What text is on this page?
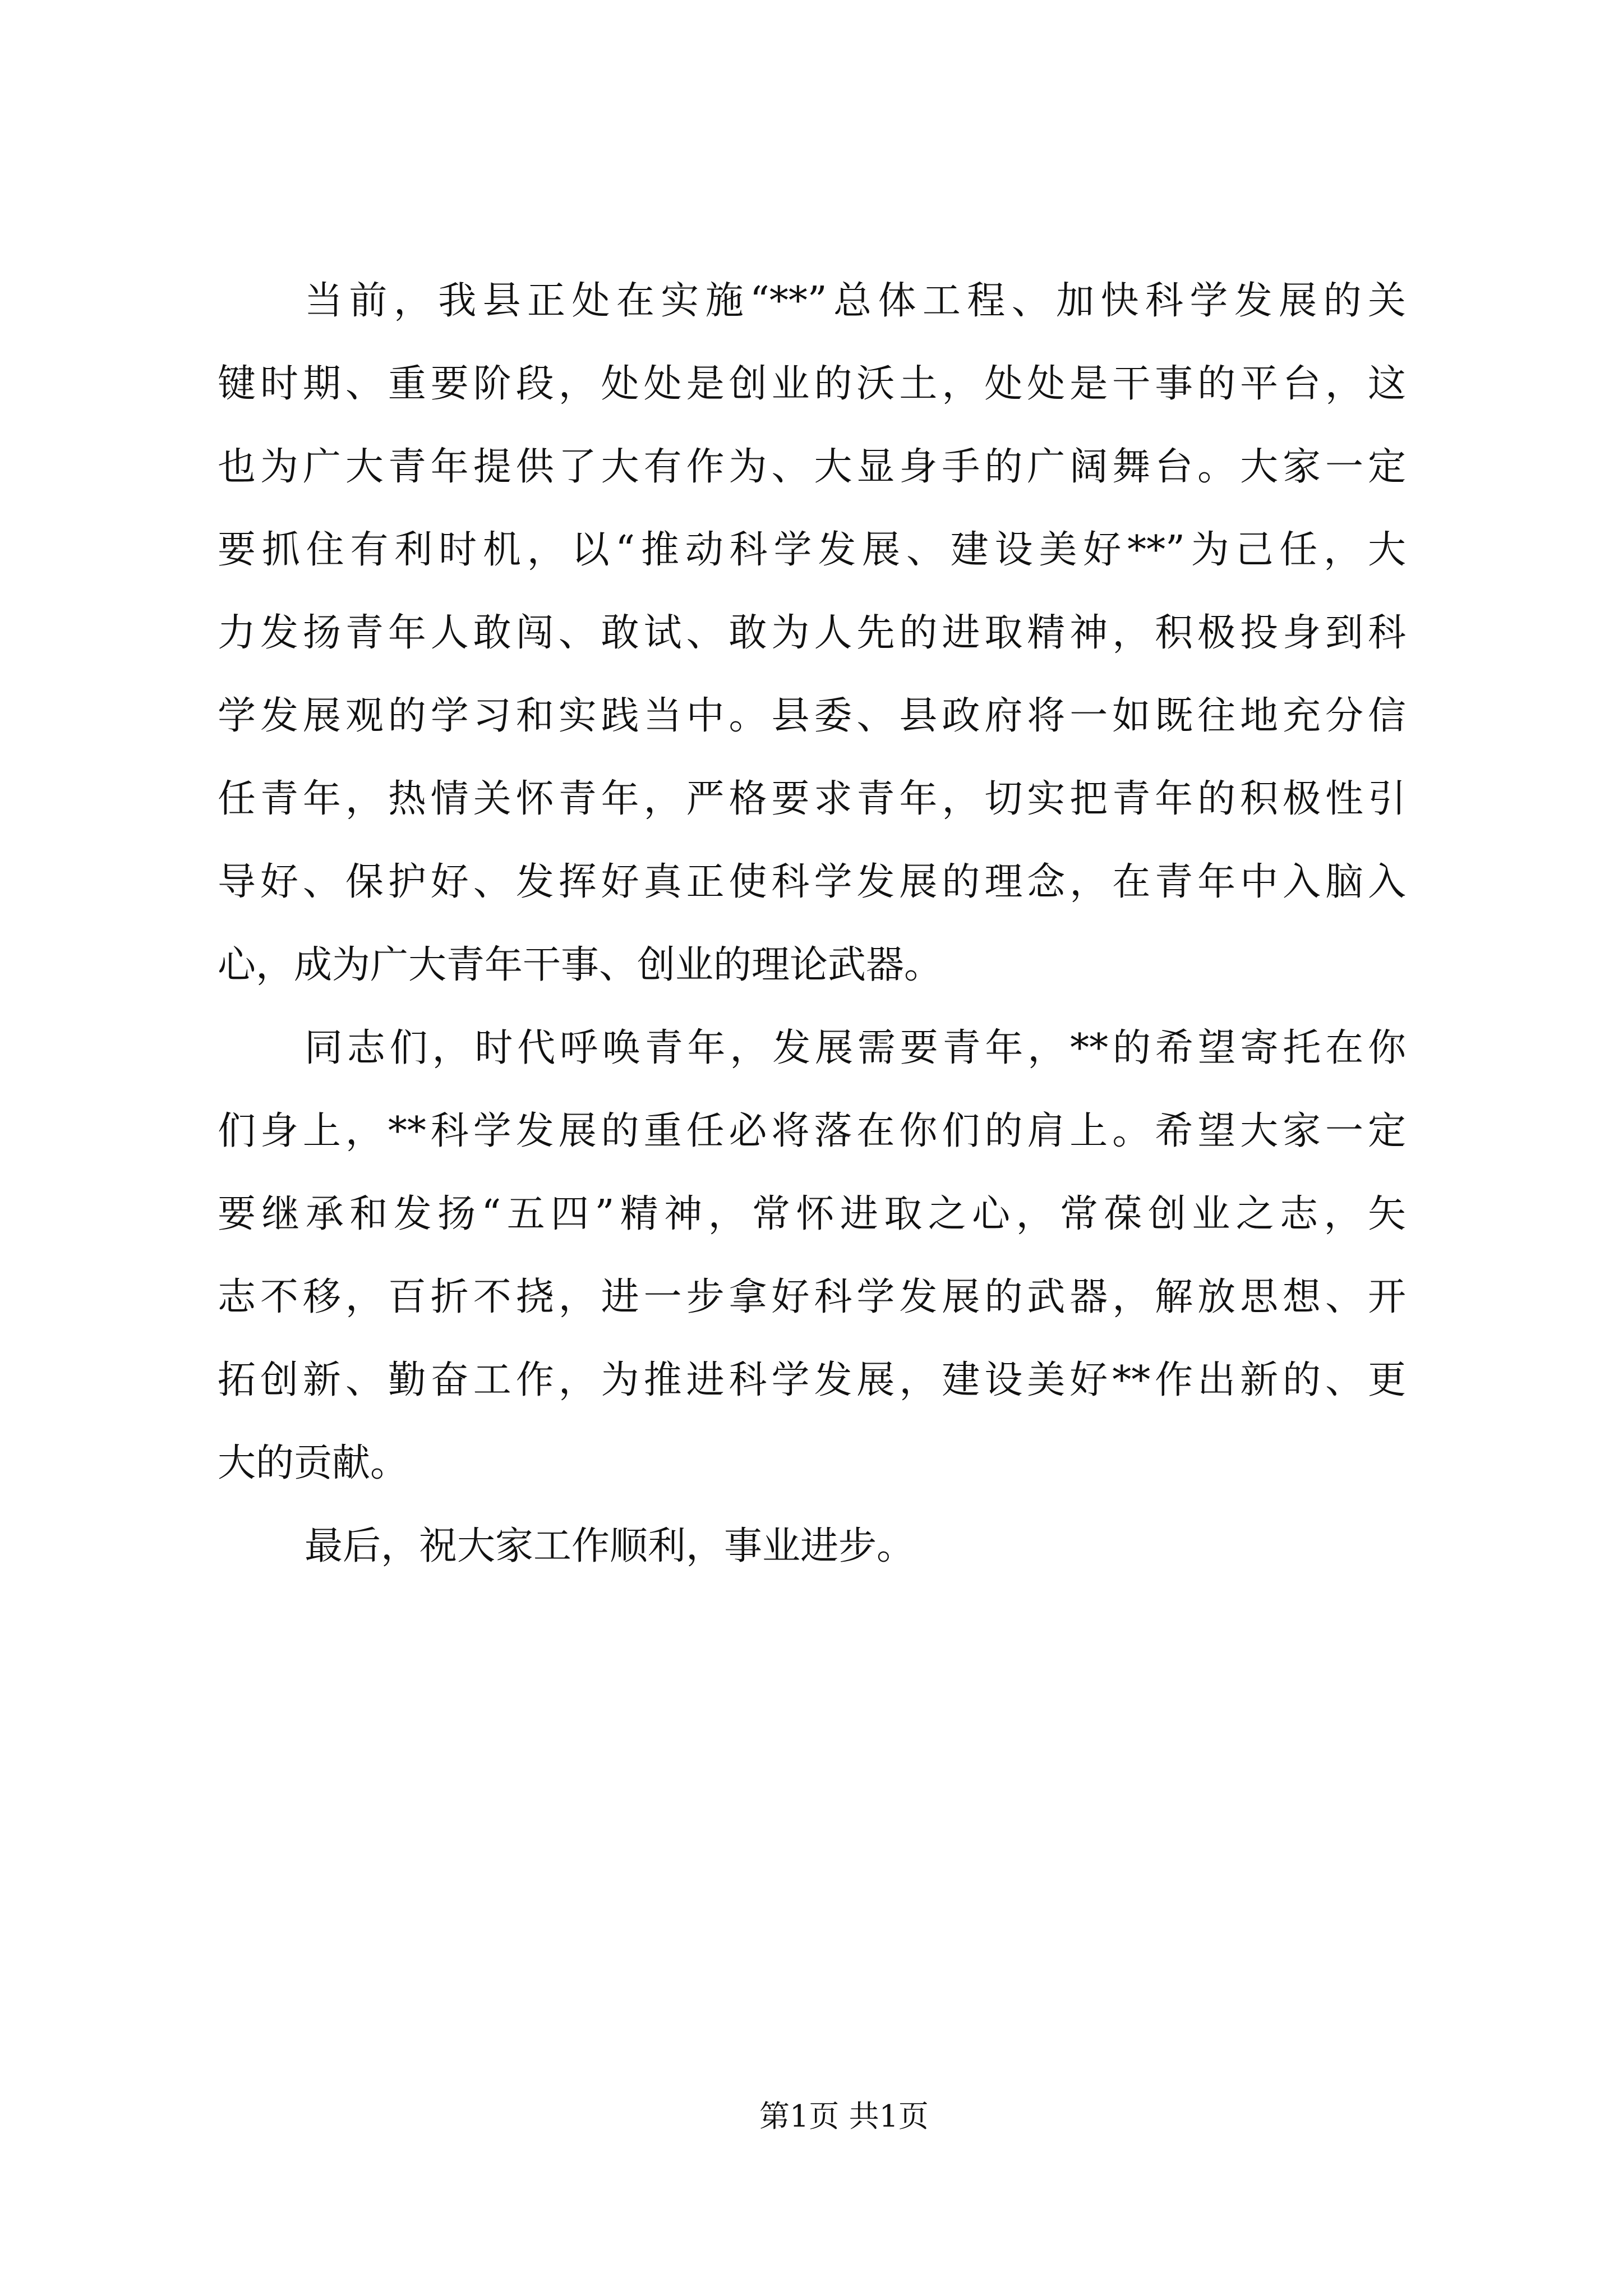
当前，我县正处在实施“**”总体工程、加快科学发展的关
键时期、重要阶段，处处是创业的沃土，处处是干事的平台，这
也为广大青年提供了大有作为、大显身手的广阔舞台。大家一定
要抓住有利时机，以“推动科学发展、建设美好**”为己任，大
力发扬青年人敢闯、敢试、敢为人先的进取精神，积极投身到科
学发展观的学习和实践当中。县委、县政府将一如既往地充分信
任青年，热情关怀青年，严格要求青年，切实把青年的积极性引
导好、保护好、发挥好真正使科学发展的理念，在青年中入脑入
心，成为广大青年干事、创业的理论武器。
同志们，时代呼唤青年，发展需要青年，**的希望寄托在你
们身上，**科学发展的重任必将落在你们的肩上。希望大家一定
要继承和发扬“五四”精神，常怀进取之心，常葆创业之志，矢
志不移，百折不挠，进一步拿好科学发展的武器，解放思想、开
拓创新、勤奋工作，为推进科学发展，建设美好**作出新的、更
大的贡献。
最后，祝大家工作顺利，事业进步。
第1页 共1页
